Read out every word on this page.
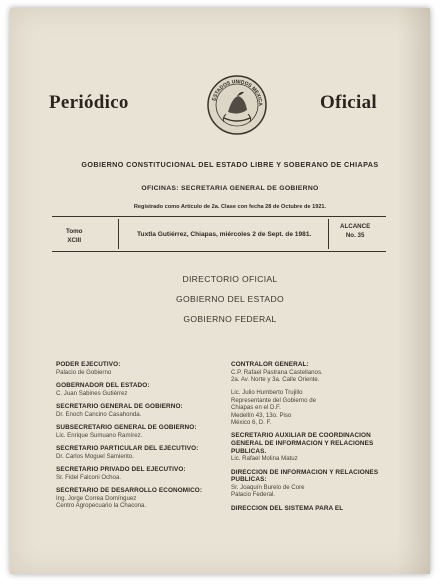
Periódico	ESTADOS UNIDOS MEXICA	Oficial
GOBIERNO CONSTITUCIONAL DEL ESTADO LIBRE Y SOBERANO DE CHIAPAS
OFICINAS: SECRETARIA GENERAL DE GOBIERNO
Registrado como Artículo de 2a. Clase con fecha 28 de Octubre de 1921.
Tomo
XCIII
Tuxtla Gutiérrez, Chiapas, miércoles 2 de Sept. de 1981.
ALCANCE
No. 35
DIRECTORIO OFICIAL
GOBIERNO DEL ESTADO
GOBIERNO FEDERAL
PODER EJECUTIVO:
Palacio de Gobierno
GOBERNADOR DEL ESTADO:
C. Juan Sabines Gutiérrez
SECRETARIO GENERAL DE GOBIERNO:
Dr. Enoch Cancino Casahonda.
SUBSECRETARIO GENERAL DE GOBIERNO:
Lic. Enrique Sumuano Ramírez.
SECRETARIO PARTICULAR DEL EJECUTIVO:
Dr. Carlos Moguel Samiento.
SECRETARIO PRIVADO DEL EJECUTIVO:
Sr. Fidel Falconi Ochoa.
SECRETARIO DE DESARROLLO ECONOMICO:
Ing. Jorge Correa Domínguez
Centro Agropecuario la Chacona.
CONTRALOR GENERAL:
C.P. Rafael Pastrana Castellanos.
2a. Av. Norte y 3a. Calle Oriente.
Lic. Julio Humberto Trujillo
Representante del Gobierno de
Chiapas en el D.F.
Medellín 43, 13o. Piso
México 6, D. F.
SECRETARIO AUXILIAR DE COORDINACION GENERAL DE INFORMACION Y RELACIONES PUBLICAS.
Lic. Rafael Molina Matuz
DIRECCION DE INFORMACION Y RELACIONES PUBLICAS:
Sr. Joaquín Burelo de Core
Palacio Federal.
DIRECCION DEL SISTEMA PARA EL
